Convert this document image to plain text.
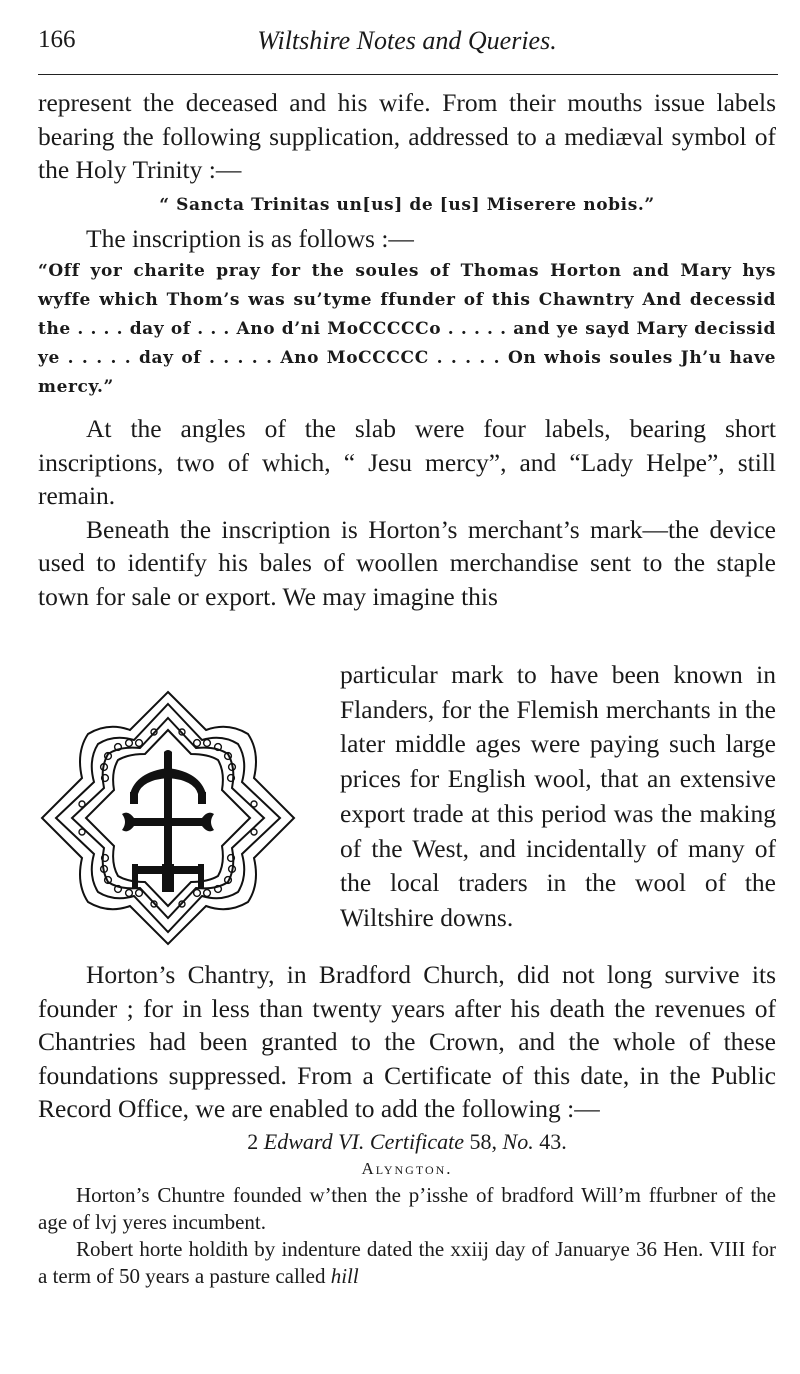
166	Wiltshire Notes and Queries.

represent the deceased and his wife. From their mouths issue labels bearing the following supplication, addressed to a mediæval symbol of the Holy Trinity :—

“ Sancta Trinitas un[us] de [us] Miserere nobis.”

The inscription is as follows :—

“Off yor charite pray for the soules of Thomas Horton and Mary hys wyffe which Thom’s was su’tyme ffunder of this Chawntry And decessid the . . . . day of . . . Ano d’ni MoCCCCCo . . . . . and ye sayd Mary decissid ye . . . . . day of . . . . . Ano MoCCCCC . . . . . On whois soules Jh’u have mercy.”

At the angles of the slab were four labels, bearing short inscriptions, two of which, “ Jesu mercy”, and “Lady Helpe”, still remain.

Beneath the inscription is Horton’s merchant’s mark—the device used to identify his bales of woollen merchandise sent to the staple town for sale or export. We may imagine this

particular mark to have been known in Flanders, for the Flemish merchants in the later middle ages were paying such large prices for English wool, that an extensive export trade at this period was the making of the West, and incidentally of many of the local traders in the wool of the Wiltshire downs.

Horton’s Chantry, in Bradford Church, did not long survive its founder ; for in less than twenty years after his death the revenues of Chantries had been granted to the Crown, and the whole of these foundations suppressed. From a Certificate of this date, in the Public Record Office, we are enabled to add the following :—

2 Edward VI. Certificate 58, No. 43.
Alyngton.

Horton’s Chuntre founded w’then the p’isshe of bradford Will’m ffurbner of the age of lvj yeres incumbent.

Robert horte holdith by indenture dated the xxiij day of Januarye 36 Hen. VIII for a term of 50 years a pasture called hill
